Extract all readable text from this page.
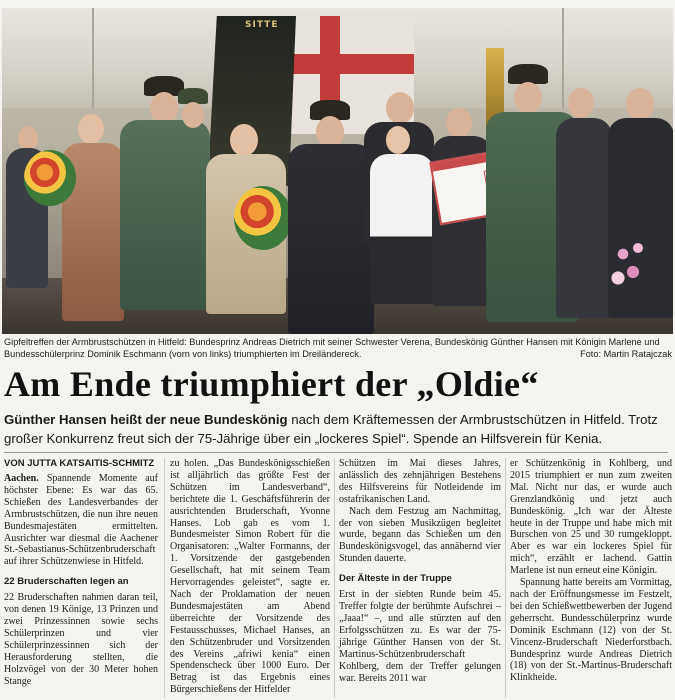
SITTE
Gipfeltreffen der Armbrustschützen in Hitfeld: Bundesprinz Andreas Dietrich mit seiner Schwester Verena, Bundeskönig Günther Hansen mit Königin Marlene und Bundesschülerprinz Dominik Eschmann (vorn von links) triumphierten im Dreiländereck.	Foto: Martin Ratajczak
Am Ende triumphiert der „Oldie“
Günther Hansen heißt der neue Bundeskönig nach dem Kräftemessen der Armbrustschützen in Hitfeld. Trotz großer Konkurrenz freut sich der 75-Jährige über ein „lockeres Spiel“. Spende an Hilfsverein für Kenia.
VON JUTTA KATSAITIS-SCHMITZ

Aachen. Spannende Momente auf höchster Ebene: Es war das 65. Schießen des Landesverbandes der Armbrustschützen, die nun ihre neuen Bundesmajestäten ermittelten. Ausrichter war diesmal die Aachener St.-Sebastianus-Schützenbruderschaft auf ihrer Schützenwiese in Hitfeld.

22 Bruderschaften legen an

22 Bruderschaften nahmen daran teil, von denen 19 Könige, 13 Prinzen und zwei Prinzessinnen sowie sechs Schülerprinzen und vier Schülerprinzessinnen sich der Herausforderung stellten, die Holzvögel von der 30 Meter hohen Stange

zu holen. „Das Bundeskönigsschießen ist alljährlich das größte Fest der Schützen im Landesverband“, berichtete die 1. Geschäftsführerin der ausrichtenden Bruderschaft, Yvonne Hanses. Lob gab es vom 1. Bundesmeister Simon Robert für die Organisatoren: „Walter Formanns, der 1. Vorsitzende der gastgebenden Gesellschaft, hat mit seinem Team Hervorragendes geleistet“, sagte er. Nach der Proklamation der neuen Bundesmajestäten am Abend überreichte der Vorsitzende des Festausschusses, Michael Hanses, an den Schützenbruder und Vorsitzenden des Vereins „afriwi kenia“ einen Spendenscheck über 1000 Euro. Der Betrag ist das Ergebnis eines Bürgerschießens der Hitfelder

Schützen im Mai dieses Jahres, anlässlich des zehnjährigen Bestehens des Hilfsvereins für Notleidende im ostafrikanischen Land.

Nach dem Festzug am Nachmittag, der von sieben Musikzügen begleitet wurde, begann das Schießen um den Bundeskönigsvogel, das annähernd vier Stunden dauerte.

Der Älteste in der Truppe

Erst in der siebten Runde beim 45. Treffer folgte der berühmte Aufschrei – „Jaaa!“ –, und alle stürzten auf den Erfolgsschützen zu. Es war der 75-jährige Günther Hansen von der St. Martinus-Schützenbruderschaft Kohlberg, dem der Treffer gelungen war. Bereits 2011 war

er Schützenkönig in Kohlberg, und 2015 triumphiert er nun zum zweiten Mal. Nicht nur das, er wurde auch Grenzlandkönig und jetzt auch Bundeskönig. „Ich war der Älteste heute in der Truppe und habe mich mit Burschen von 25 und 30 rumgekloppt. Aber es war ein lockeres Spiel für mich“, erzählt er lachend. Gattin Marlene ist nun erneut eine Königin.

Spannung hatte bereits am Vormittag, nach der Eröffnungsmesse im Festzelt, bei den Schießwettbewerben der Jugend geherrscht. Bundesschülerprinz wurde Dominik Eschmann (12) von der St. Vincenz-Bruderschaft Niederforstbach. Bundesprinz wurde Andreas Dietrich (18) von der St.-Martinus-Bruderschaft Klinkheide.
